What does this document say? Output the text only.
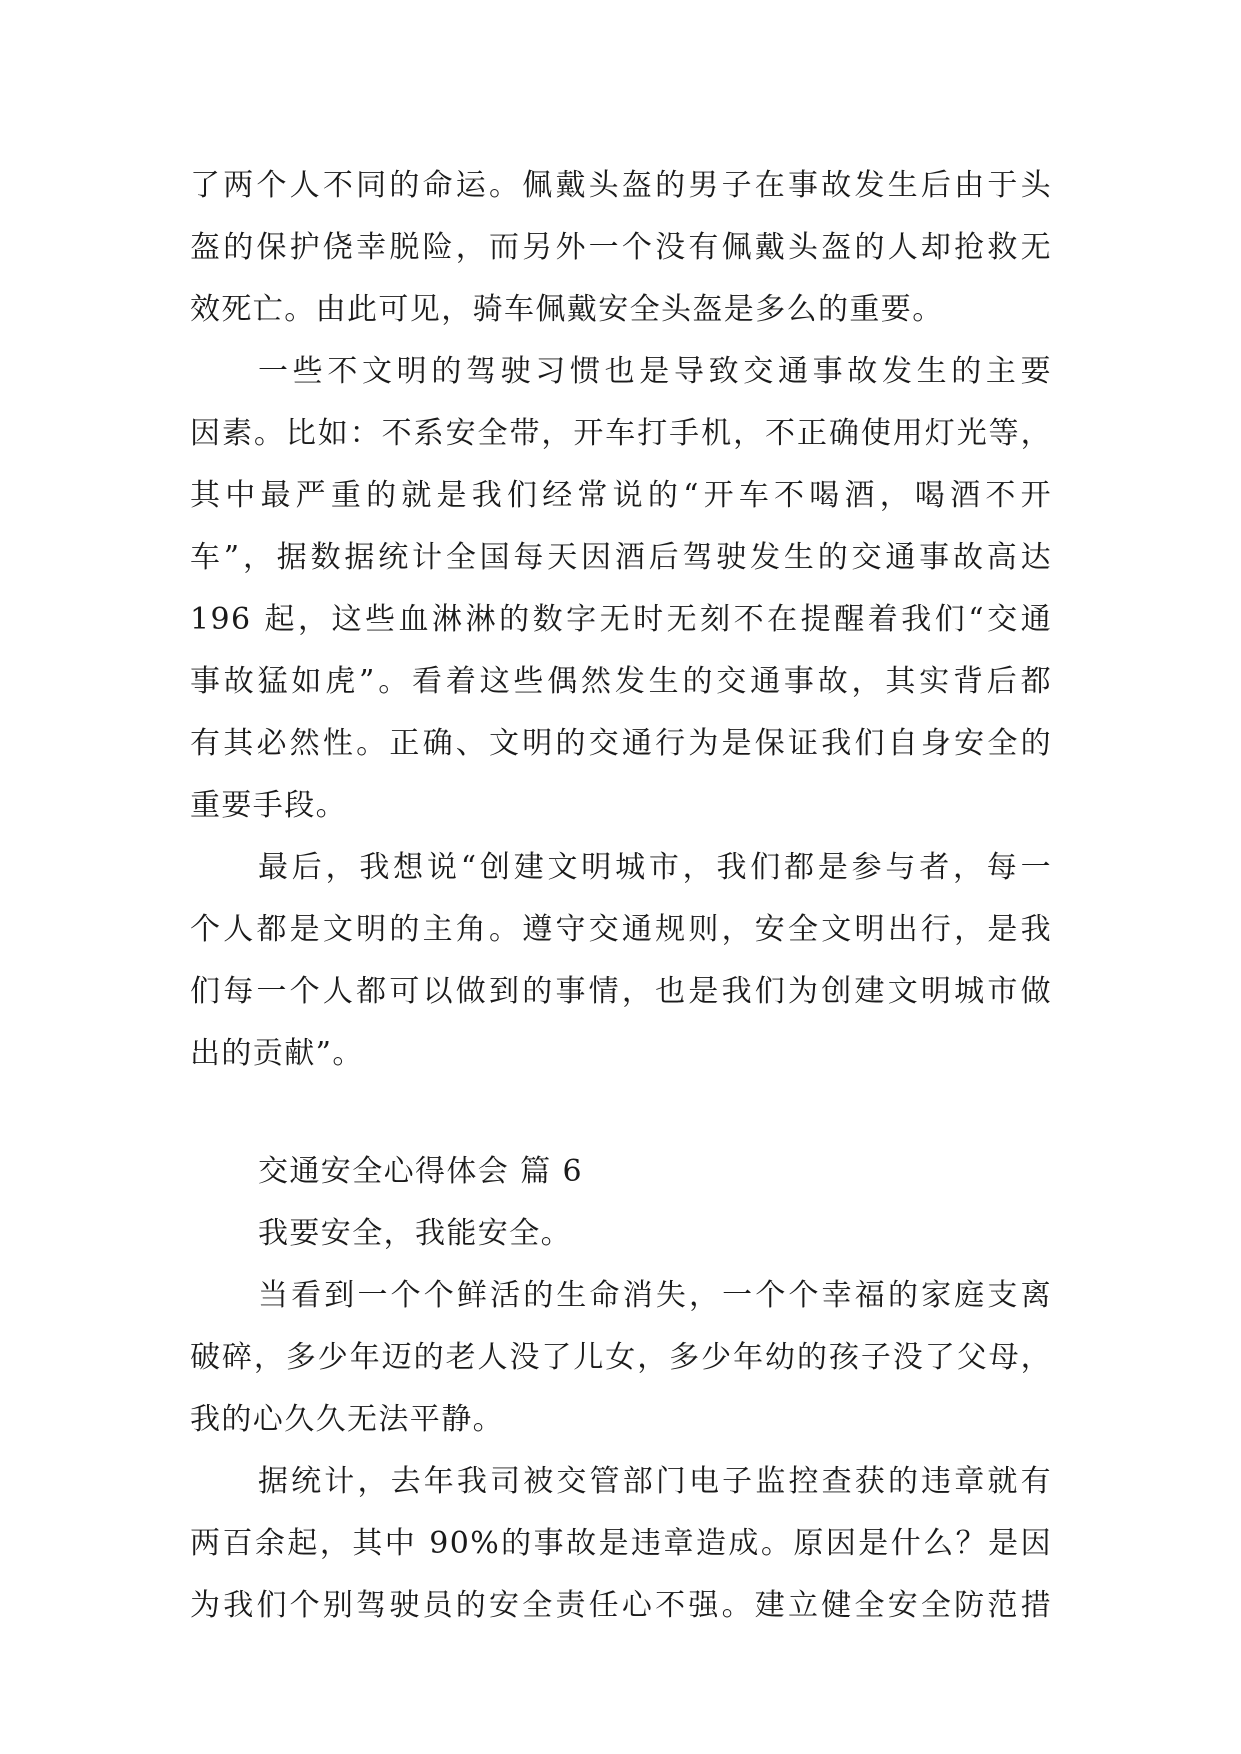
了两个人不同的命运。佩戴头盔的男子在事故发生后由于头
盔的保护侥幸脱险，而另外一个没有佩戴头盔的人却抢救无
效死亡。由此可见，骑车佩戴安全头盔是多么的重要。
一些不文明的驾驶习惯也是导致交通事故发生的主要
因素。比如：不系安全带，开车打手机，不正确使用灯光等，
其中最严重的就是我们经常说的“开车不喝酒，喝酒不开
车”，据数据统计全国每天因酒后驾驶发生的交通事故高达
196 起，这些血淋淋的数字无时无刻不在提醒着我们“交通
事故猛如虎”。看着这些偶然发生的交通事故，其实背后都
有其必然性。正确、文明的交通行为是保证我们自身安全的
重要手段。
最后，我想说“创建文明城市，我们都是参与者，每一
个人都是文明的主角。遵守交通规则，安全文明出行，是我
们每一个人都可以做到的事情，也是我们为创建文明城市做
出的贡献”。
交通安全心得体会 篇 6
我要安全，我能安全。
当看到一个个鲜活的生命消失，一个个幸福的家庭支离
破碎，多少年迈的老人没了儿女，多少年幼的孩子没了父母，
我的心久久无法平静。
据统计，去年我司被交管部门电子监控查获的违章就有
两百余起，其中 90%的事故是违章造成。原因是什么？是因
为我们个别驾驶员的安全责任心不强。建立健全安全防范措
